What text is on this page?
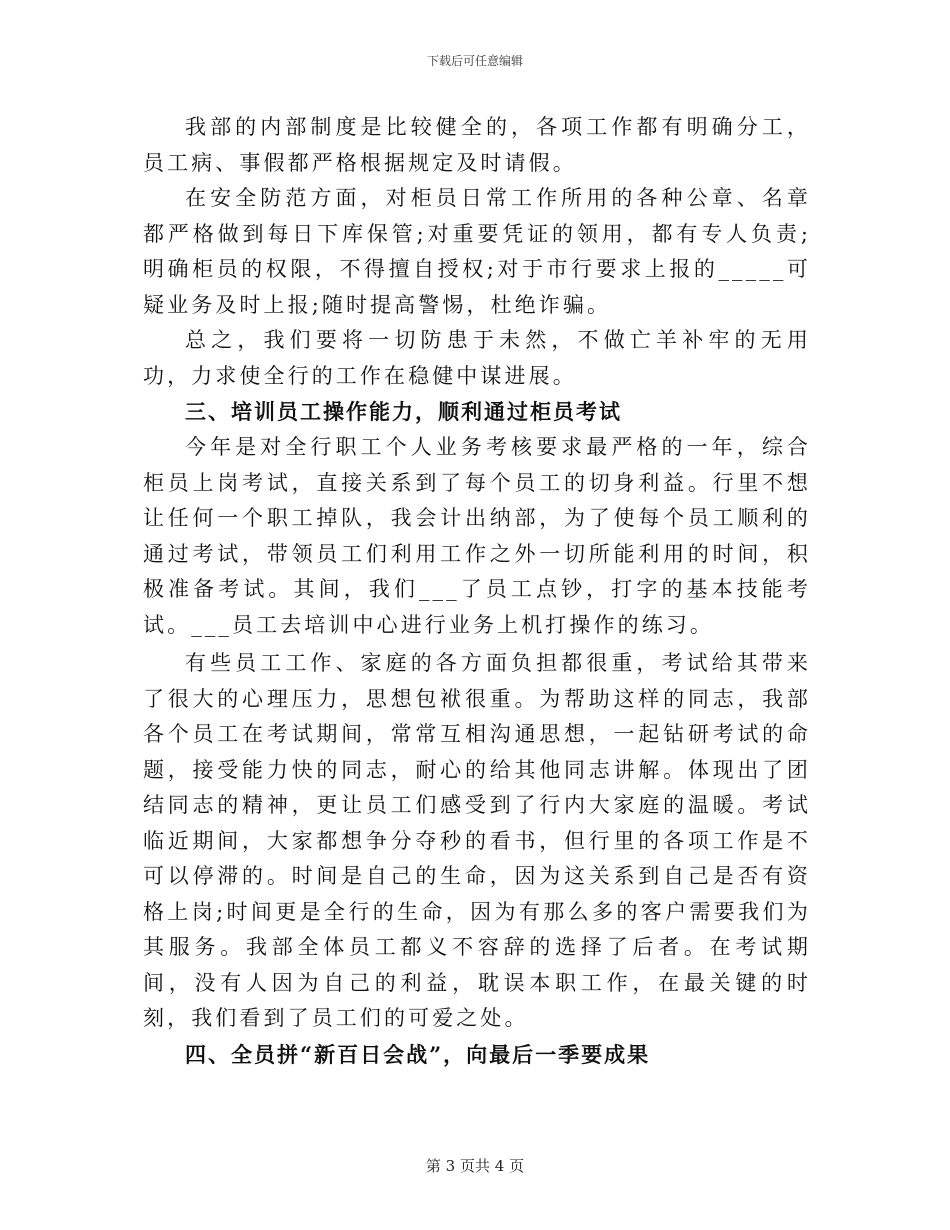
下载后可任意编辑

我部的内部制度是比较健全的，各项工作都有明确分工，员工病、事假都严格根据规定及时请假。

在安全防范方面，对柜员日常工作所用的各种公章、名章都严格做到每日下库保管;对重要凭证的领用，都有专人负责;明确柜员的权限，不得擅自授权;对于市行要求上报的_____可疑业务及时上报;随时提高警惕，杜绝诈骗。

总之，我们要将一切防患于未然，不做亡羊补牢的无用功，力求使全行的工作在稳健中谋进展。

三、培训员工操作能力，顺利通过柜员考试

今年是对全行职工个人业务考核要求最严格的一年，综合柜员上岗考试，直接关系到了每个员工的切身利益。行里不想让任何一个职工掉队，我会计出纳部，为了使每个员工顺利的通过考试，带领员工们利用工作之外一切所能利用的时间，积极准备考试。其间，我们___了员工点钞，打字的基本技能考试。___员工去培训中心进行业务上机打操作的练习。

有些员工工作、家庭的各方面负担都很重，考试给其带来了很大的心理压力，思想包袱很重。为帮助这样的同志，我部各个员工在考试期间，常常互相沟通思想，一起钻研考试的命题，接受能力快的同志，耐心的给其他同志讲解。体现出了团结同志的精神，更让员工们感受到了行内大家庭的温暖。考试临近期间，大家都想争分夺秒的看书，但行里的各项工作是不可以停滞的。时间是自己的生命，因为这关系到自己是否有资格上岗;时间更是全行的生命，因为有那么多的客户需要我们为其服务。我部全体员工都义不容辞的选择了后者。在考试期间，没有人因为自己的利益，耽误本职工作，在最关键的时刻，我们看到了员工们的可爱之处。

四、全员拼“新百日会战”，向最后一季要成果

第 3 页共 4 页
